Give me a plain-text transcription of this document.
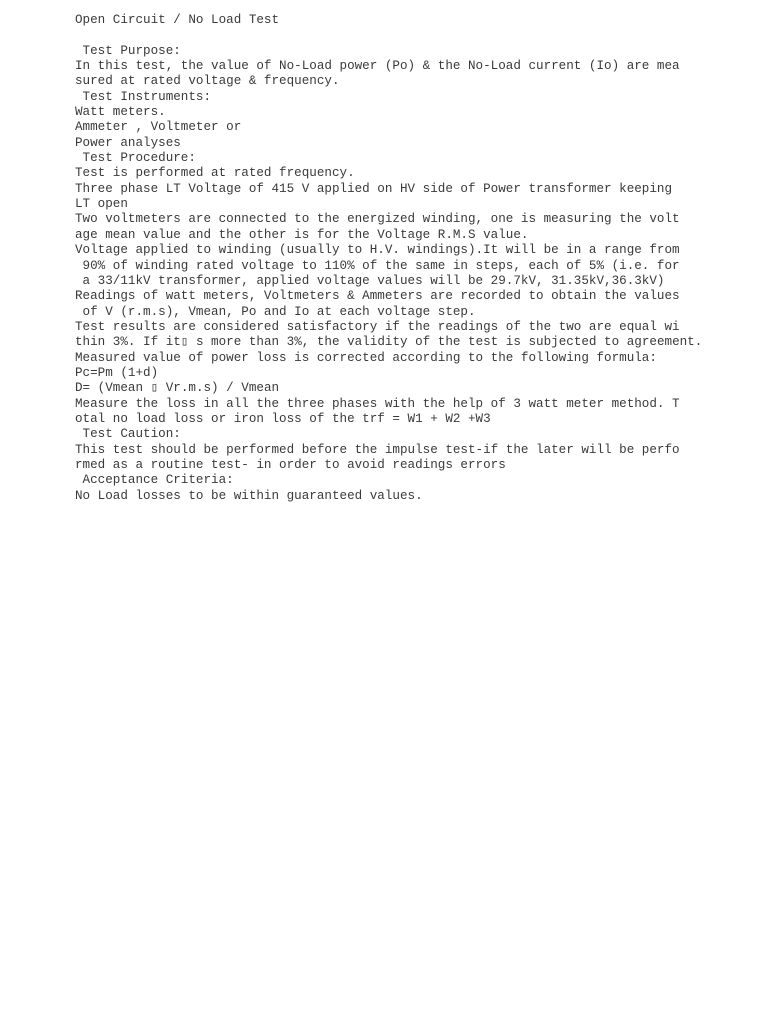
Open Circuit / No Load Test
Test Purpose:
In this test, the value of No-Load power (Po) & the No-Load current (Io) are mea
sured at rated voltage & frequency.
Test Instruments:
Watt meters.
Ammeter , Voltmeter or
Power analyses
Test Procedure:
Test is performed at rated frequency.
Three phase LT Voltage of 415 V applied on HV side of Power transformer keeping
LT open
Two voltmeters are connected to the energized winding, one is measuring the volt
age mean value and the other is for the Voltage R.M.S value.
Voltage applied to winding (usually to H.V. windings).It will be in a range from
90% of winding rated voltage to 110% of the same in steps, each of 5% (i.e. for
a 33/11kV transformer, applied voltage values will be 29.7kV, 31.35kV,36.3kV)
Readings of watt meters, Voltmeters & Ammeters are recorded to obtain the values
of V (r.m.s), Vmean, Po and Io at each voltage step.
Test results are considered satisfactory if the readings of the two are equal wi
thin 3%. If it▯ s more than 3%, the validity of the test is subjected to agreement.
Measured value of power loss is corrected according to the following formula:
Pc=Pm (1+d)
D= (Vmean ▯ Vr.m.s) / Vmean
Measure the loss in all the three phases with the help of 3 watt meter method. T
otal no load loss or iron loss of the trf = W1 + W2 +W3
Test Caution:
This test should be performed before the impulse test-if the later will be perfo
rmed as a routine test- in order to avoid readings errors
Acceptance Criteria:
No Load losses to be within guaranteed values.
